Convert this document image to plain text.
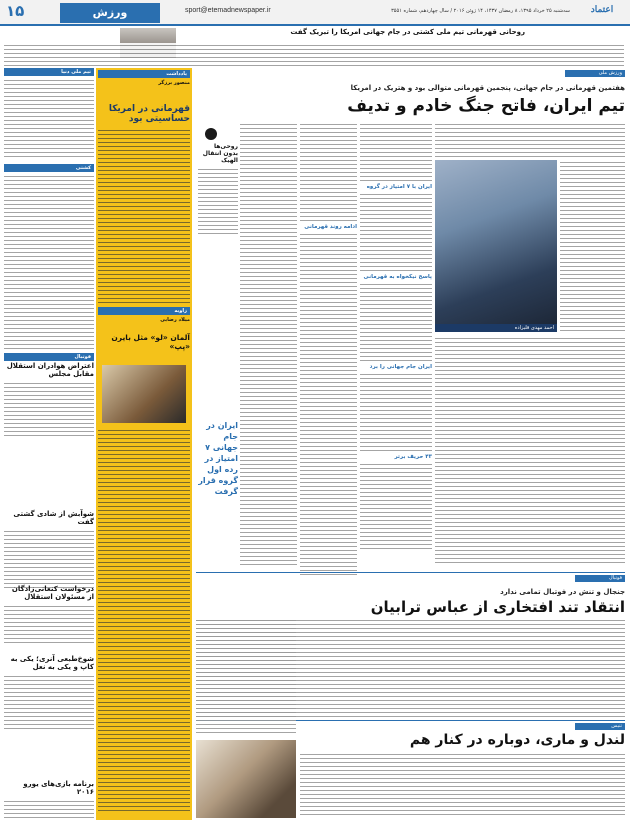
۱۵	ورزش	sport@etemadnewspaper.ir	سه‌شنبه ۲۵ خرداد ۱۳۹۵، ۸ رمضان ۱۴۳۷، ۱۴ ژوئن ۲۰۱۶ / سال چهاردهم، شماره ۳۵۵۱	اعتماد
روحانی قهرمانی تیم ملی کشتی در جام جهانی امریکا را تبریک گفت
تیم ملی دنیا
کشتی
فوتبال
اعتراض هوادران استقلال مقابل مجلس
شوآبش از شادی گشتی گفت
درخواست کنعانی‌زادگان از مسئولان استقلال
شوخ‌طبعی آنری؛ یکی به کاپ و یکی به نعل
برنامه بازی‌های یورو ۲۰۱۶
یادداشت
منصور برزگر
قهرمانی در امریکا حساسیتی بود
زاویه
میلاد رضایی
آلمان «لو» مثل بایرن «پپ»
روحی‌ها بدون انتقال الهیک
ایران در جام جهانی ۷ امتیاز در رده اول گروه قرار گرفت
ورزش ملی
هفتمین قهرمانی در جام جهانی، پنجمین قهرمانی متوالی بود و هتریک در امریکا
تیم ایران، فاتح جنگ خادم و تدیف
احمد مهدی قلیزاده
ایران با ۷ امتیاز در گروه
پاسخ نیکخواه به قهرمانی
ایران جام جهانی را برد
۴۳ حریف برتر
ادامه روند قهرمانی
فوتبال
جنجال و تنش در فوتبال تمامی ندارد
انتقاد تند افتخاری از عباس ترابیان
تنیس
لندل و ماری، دوباره در کنار هم
